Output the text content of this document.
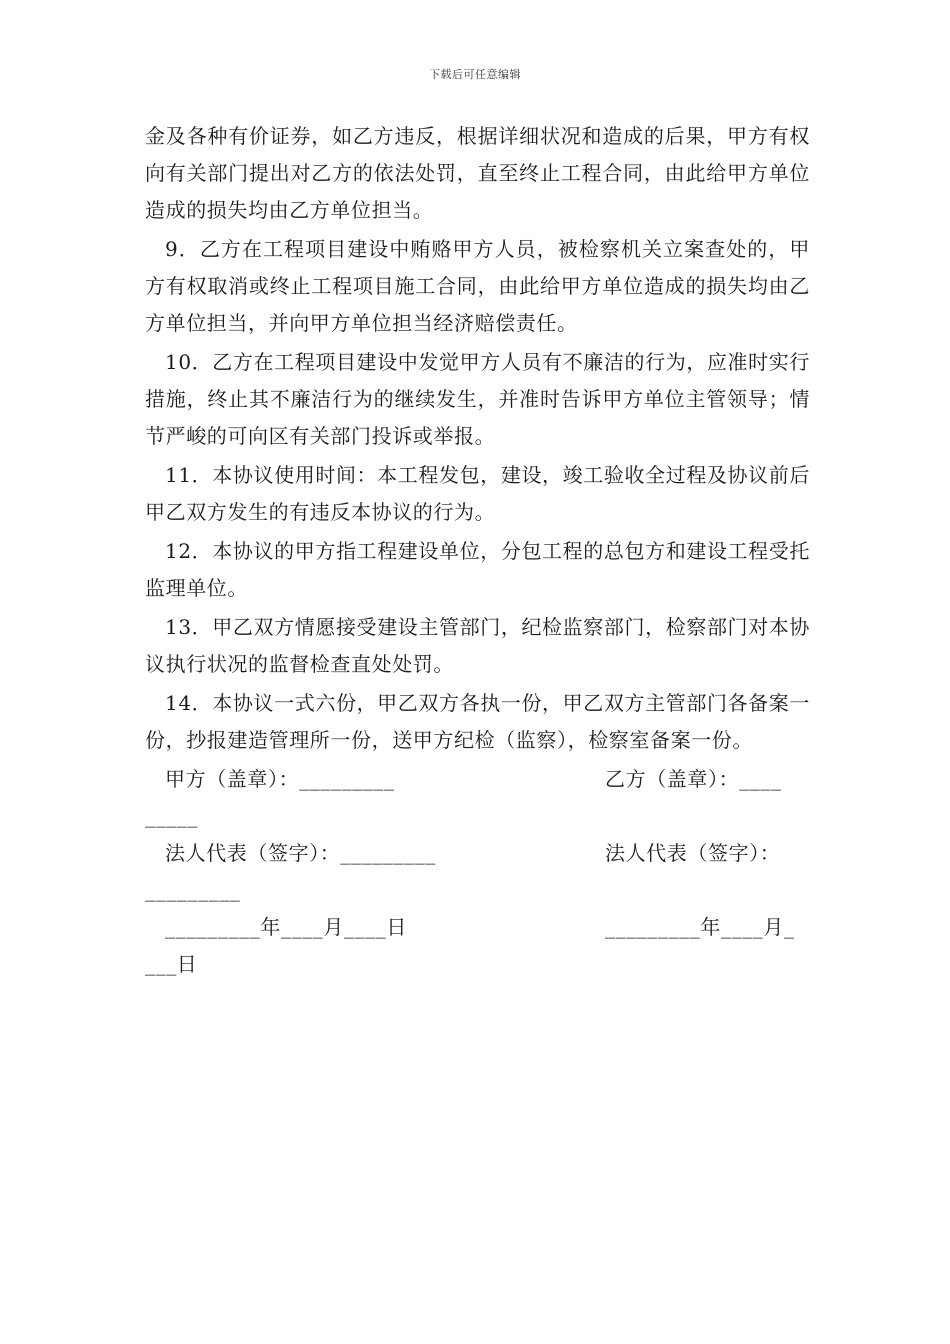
下载后可任意编辑

金及各种有价证券，如乙方违反，根据详细状况和造成的后果，甲方有权向有关部门提出对乙方的依法处罚，直至终止工程合同，由此给甲方单位造成的损失均由乙方单位担当。

9．乙方在工程项目建设中贿赂甲方人员，被检察机关立案查处的，甲方有权取消或终止工程项目施工合同，由此给甲方单位造成的损失均由乙方单位担当，并向甲方单位担当经济赔偿责任。

10．乙方在工程项目建设中发觉甲方人员有不廉洁的行为，应准时实行措施，终止其不廉洁行为的继续发生，并准时告诉甲方单位主管领导；情节严峻的可向区有关部门投诉或举报。

11．本协议使用时间：本工程发包，建设，竣工验收全过程及协议前后甲乙双方发生的有违反本协议的行为。

12．本协议的甲方指工程建设单位，分包工程的总包方和建设工程受托监理单位。

13．甲乙双方情愿接受建设主管部门，纪检监察部门，检察部门对本协议执行状况的监督检查直处处罚。

14．本协议一式六份，甲乙双方各执一份，甲乙双方主管部门各备案一份，抄报建造管理所一份，送甲方纪检（监察），检察室备案一份。

甲方（盖章）：_________	乙方（盖章）：____
_____
法人代表（签字）：_________	法人代表（签字）：
_________
_________年____月____日	_________年____月_
___日
